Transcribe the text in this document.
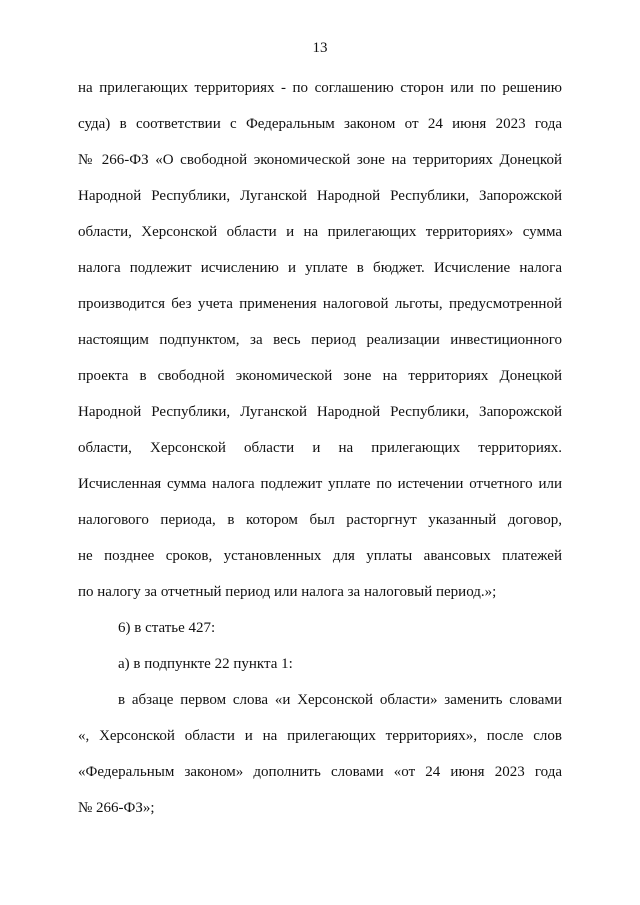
13
на прилегающих территориях - по соглашению сторон или по решению
суда) в соответствии с Федеральным законом от 24 июня 2023 года
№ 266-ФЗ «О свободной экономической зоне на территориях Донецкой
Народной Республики, Луганской Народной Республики, Запорожской
области, Херсонской области и на прилегающих территориях» сумма
налога подлежит исчислению и уплате в бюджет. Исчисление налога
производится без учета применения налоговой льготы, предусмотренной
настоящим подпунктом, за весь период реализации инвестиционного
проекта в свободной экономической зоне на территориях Донецкой
Народной Республики, Луганской Народной Республики, Запорожской
области, Херсонской области и на прилегающих территориях.
Исчисленная сумма налога подлежит уплате по истечении отчетного или
налогового периода, в котором был расторгнут указанный договор,
не позднее сроков, установленных для уплаты авансовых платежей
по налогу за отчетный период или налога за налоговый период.»;
6) в статье 427:
а) в подпункте 22 пункта 1:
в абзаце первом слова «и Херсонской области» заменить словами
«, Херсонской области и на прилегающих территориях», после слов
«Федеральным законом» дополнить словами «от 24 июня 2023 года
№ 266-ФЗ»;
